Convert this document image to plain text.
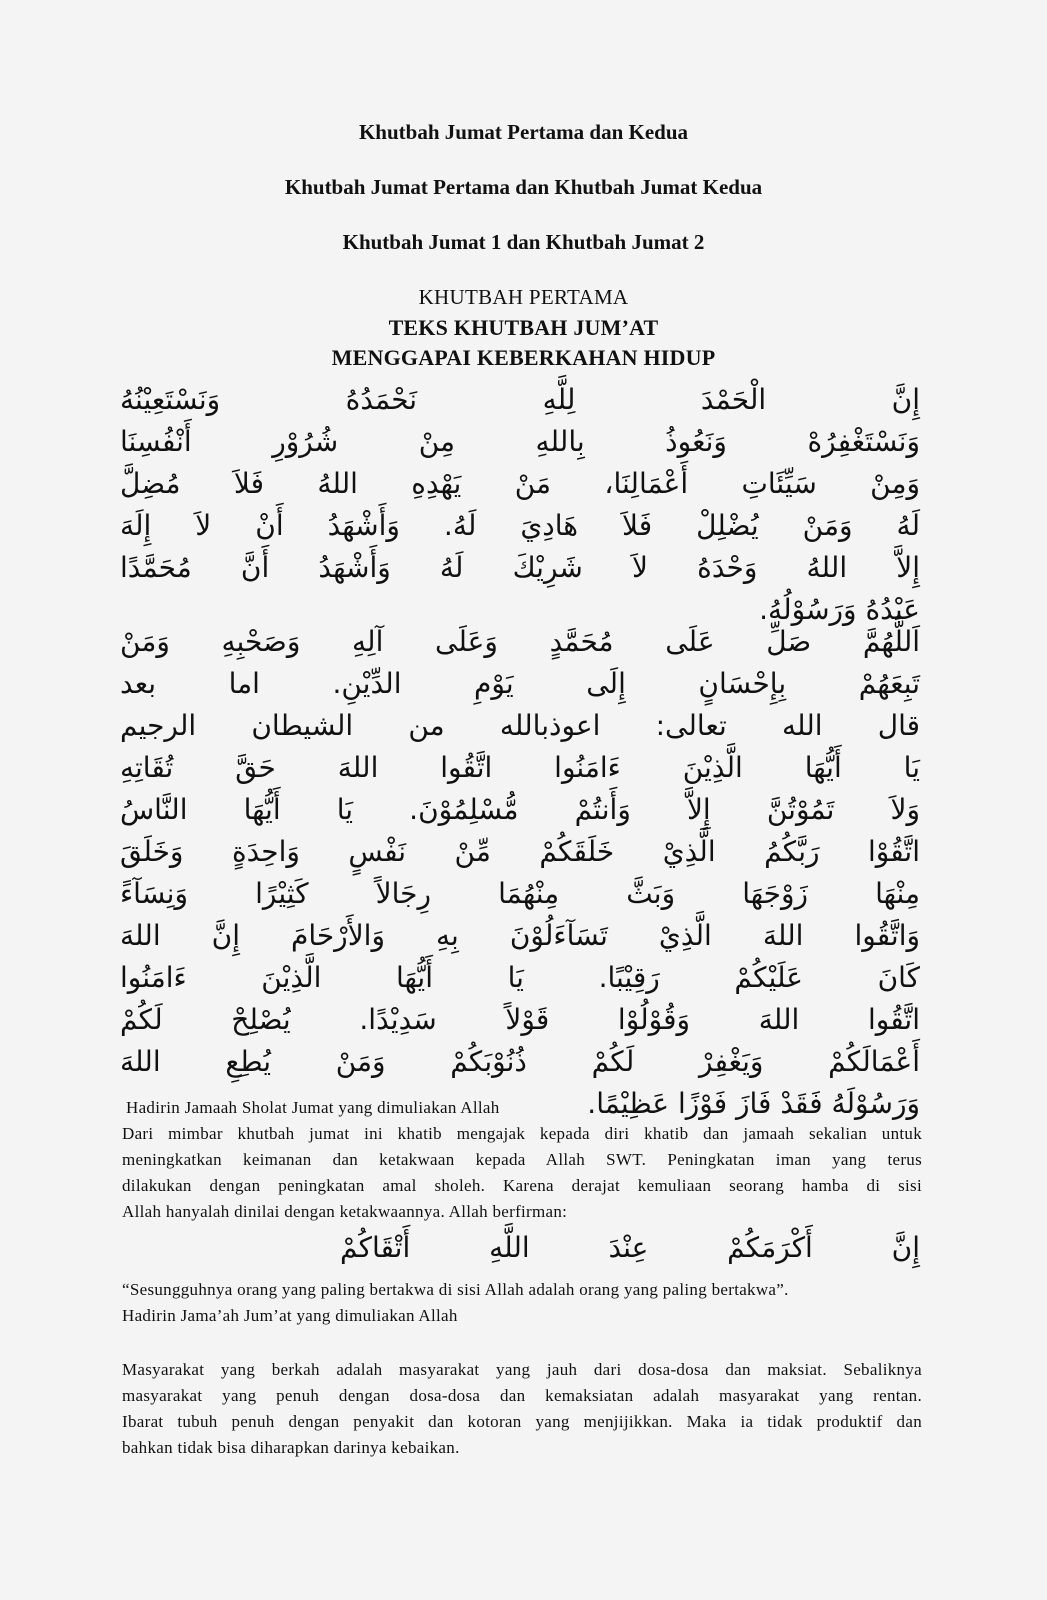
Khutbah Jumat Pertama dan Kedua
Khutbah Jumat Pertama dan Khutbah Jumat Kedua
Khutbah Jumat 1 dan Khutbah Jumat 2
KHUTBAH PERTAMA
TEKS KHUTBAH JUM’AT
MENGGAPAI KEBERKAHAN HIDUP
إِنَّ الْحَمْدَ لِلَّهِ نَحْمَدُهُ وَنَسْتَعِيْنُهُ
وَنَسْتَغْفِرُهْ وَنَعُوذُ بِاللهِ مِنْ شُرُوْرِ أَنْفُسِنَا
وَمِنْ سَيِّئَاتِ أَعْمَالِنَا، مَنْ يَهْدِهِ اللهُ فَلاَ مُضِلَّ
لَهُ وَمَنْ يُضْلِلْ فَلاَ هَادِيَ لَهُ. وَأَشْهَدُ أَنْ لاَ إِلَهَ
إِلاَّ اللهُ وَحْدَهُ لاَ شَرِيْكَ لَهُ وَأَشْهَدُ أَنَّ مُحَمَّدًا
عَبْدُهُ وَرَسُوْلُهُ.
اَللَّهُمَّ صَلِّ عَلَى مُحَمَّدٍ وَعَلَى آلِهِ وَصَحْبِهِ وَمَنْ
تَبِعَهُمْ بِإِحْسَانٍ إِلَى يَوْمِ الدِّيْنِ. اما بعد
قال الله تعالى: اعوذبالله من الشيطان الرجيم
يَا أَيُّهَا الَّذِيْنَ ءَامَنُوا اتَّقُوا اللهَ حَقَّ تُقَاتِهِ
وَلاَ تَمُوْتُنَّ إِلاَّ وَأَنتُمْ مُّسْلِمُوْنَ. يَا أَيُّهَا النَّاسُ
اتَّقُوْا رَبَّكُمُ الَّذِيْ خَلَقَكُمْ مِّنْ نَفْسٍ وَاحِدَةٍ وَخَلَقَ
مِنْهَا زَوْجَهَا وَبَثَّ مِنْهُمَا رِجَالاً كَثِيْرًا وَنِسَآءً
وَاتَّقُوا اللهَ الَّذِيْ تَسَآءَلُوْنَ بِهِ وَالأَرْحَامَ إِنَّ اللهَ
كَانَ عَلَيْكُمْ رَقِيْبًا. يَا أَيُّهَا الَّذِيْنَ ءَامَنُوا
اتَّقُوا اللهَ وَقُوْلُوْا قَوْلاً سَدِيْدًا. يُصْلِحْ لَكُمْ
أَعْمَالَكُمْ وَيَغْفِرْ لَكُمْ ذُنُوْبَكُمْ وَمَنْ يُطِعِ اللهَ
وَرَسُوْلَهُ فَقَدْ فَازَ فَوْزًا عَظِيْمًا.
Hadirin Jamaah Sholat Jumat yang dimuliakan Allah
Dari mimbar khutbah jumat ini khatib mengajak kepada diri khatib dan jamaah sekalian untuk
meningkatkan keimanan dan ketakwaan kepada Allah SWT. Peningkatan iman yang terus
dilakukan dengan peningkatan amal sholeh. Karena derajat kemuliaan seorang hamba di sisi
Allah hanyalah dinilai dengan ketakwaannya. Allah berfirman:
إِنَّ أَكْرَمَكُمْ عِنْدَ اللَّهِ أَتْقَاكُمْ
“Sesungguhnya orang yang paling bertakwa di sisi Allah adalah orang yang paling bertakwa”.
Hadirin Jama’ah Jum’at yang dimuliakan Allah
Masyarakat yang berkah adalah masyarakat yang jauh dari dosa-dosa dan maksiat. Sebaliknya
masyarakat yang penuh dengan dosa-dosa dan kemaksiatan adalah masyarakat yang rentan.
Ibarat tubuh penuh dengan penyakit dan kotoran yang menjijikkan. Maka ia tidak produktif dan
bahkan tidak bisa diharapkan darinya kebaikan.
